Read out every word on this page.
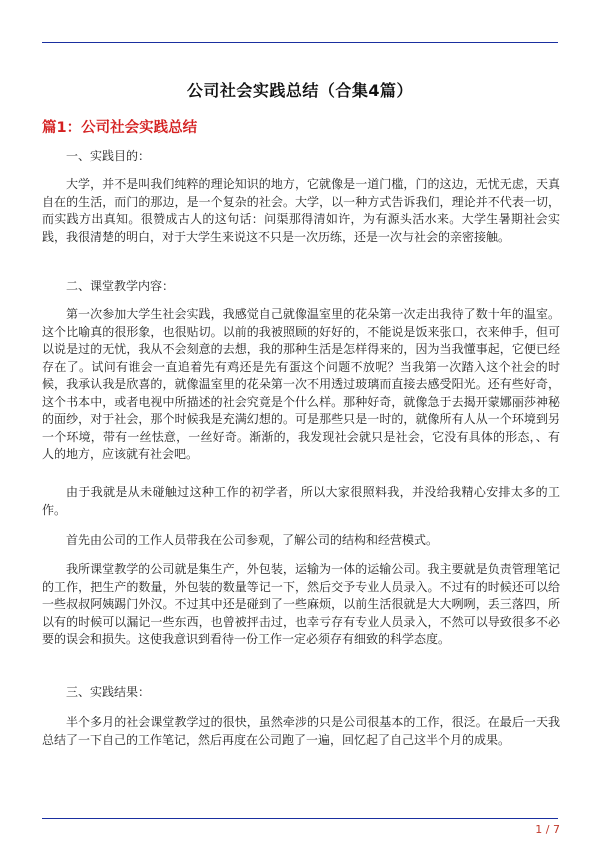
公司社会实践总结（合集4篇）
篇1：公司社会实践总结

一、实践目的：

大学，并不是叫我们纯粹的理论知识的地方，它就像是一道门槛，门的这边，无忧无虑，天真自在的生活，而门的那边，是一个复杂的社会。大学，以一种方式告诉我们，理论并不代表一切，而实践方出真知。很赞成古人的这句话：问渠那得清如许，为有源头活水来。大学生暑期社会实践，我很清楚的明白，对于大学生来说这不只是一次历练，还是一次与社会的亲密接触。

二、课堂教学内容：

第一次参加大学生社会实践，我感觉自己就像温室里的花朵第一次走出我待了数十年的温室。这个比喻真的很形象，也很贴切。以前的我被照顾的好好的，不能说是饭来张口，衣来伸手，但可以说是过的无忧，我从不会刻意的去想，我的那种生活是怎样得来的，因为当我懂事起，它便已经存在了。试问有谁会一直追着先有鸡还是先有蛋这个问题不放呢？当我第一次踏入这个社会的时候，我承认我是欣喜的，就像温室里的花朵第一次不用透过玻璃而直接去感受阳光。还有些好奇，这个书本中，或者电视中所描述的社会究竟是个什么样。那种好奇，就像急于去揭开蒙娜丽莎神秘的面纱，对于社会，那个时候我是充满幻想的。可是那些只是一时的，就像所有人从一个环境到另一个环境，带有一丝怯意，一丝好奇。渐渐的，我发现社会就只是社会，它没有具体的形态，、有人的地方，应该就有社会吧。

由于我就是从未碰触过这种工作的初学者，所以大家很照料我，并没给我精心安排太多的工作。

首先由公司的工作人员带我在公司参观，了解公司的结构和经营模式。

我所课堂教学的公司就是集生产，外包装，运输为一体的运输公司。我主要就是负责管理笔记的工作，把生产的数量，外包装的数量等记一下，然后交予专业人员录入。不过有的时候还可以给一些叔叔阿姨踢门外汉。不过其中还是碰到了一些麻烦，以前生活很就是大大咧咧，丢三落四，所以有的时候可以漏记一些东西，也曾被抨击过，也幸亏存有专业人员录入，不然可以导致很多不必要的误会和损失。这使我意识到看待一份工作一定必须存有细致的科学态度。

三、实践结果：

半个多月的社会课堂教学过的很快，虽然牵涉的只是公司很基本的工作，很泛。在最后一天我总结了一下自己的工作笔记，然后再度在公司跑了一遍，回忆起了自己这半个月的成果。

1 / 7
